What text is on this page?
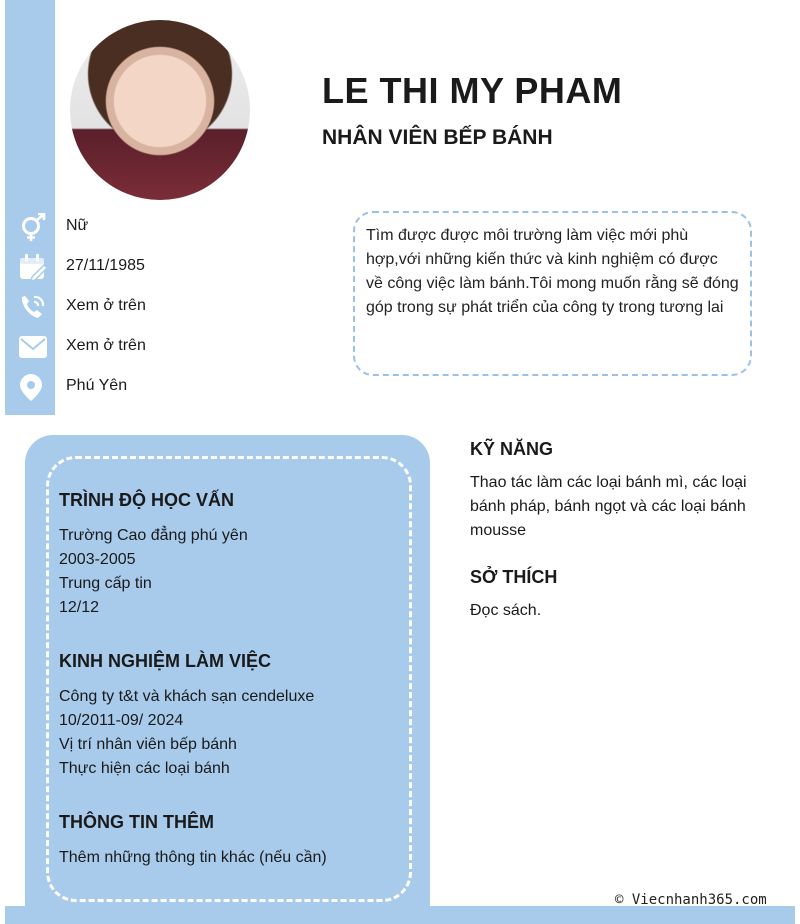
LE THI MY PHAM
NHÂN VIÊN BẾP BÁNH
Nữ
27/11/1985
Xem ở trên
Xem ở trên
Phú Yên
Tìm được được môi trường làm việc mới phù hợp,với những kiến thức và kinh nghiệm có được về công việc làm bánh.Tôi mong muốn rằng sẽ đóng góp trong sự phát triển của công ty trong tương lai
TRÌNH ĐỘ HỌC VẤN
Trường Cao đẳng phú yên
2003-2005
Trung cấp tin
12/12
KINH NGHIỆM LÀM VIỆC
Công ty t&t và khách sạn cendeluxe
10/2011-09/ 2024
Vị trí nhân viên bếp bánh
Thực hiện các loại bánh
THÔNG TIN THÊM
Thêm những thông tin khác (nếu cần)
KỸ NĂNG
Thao tác làm các loại bánh mì, các loại bánh pháp, bánh ngọt và các loại bánh mousse
SỞ THÍCH
Đọc sách.
© Viecnhanh365.com
